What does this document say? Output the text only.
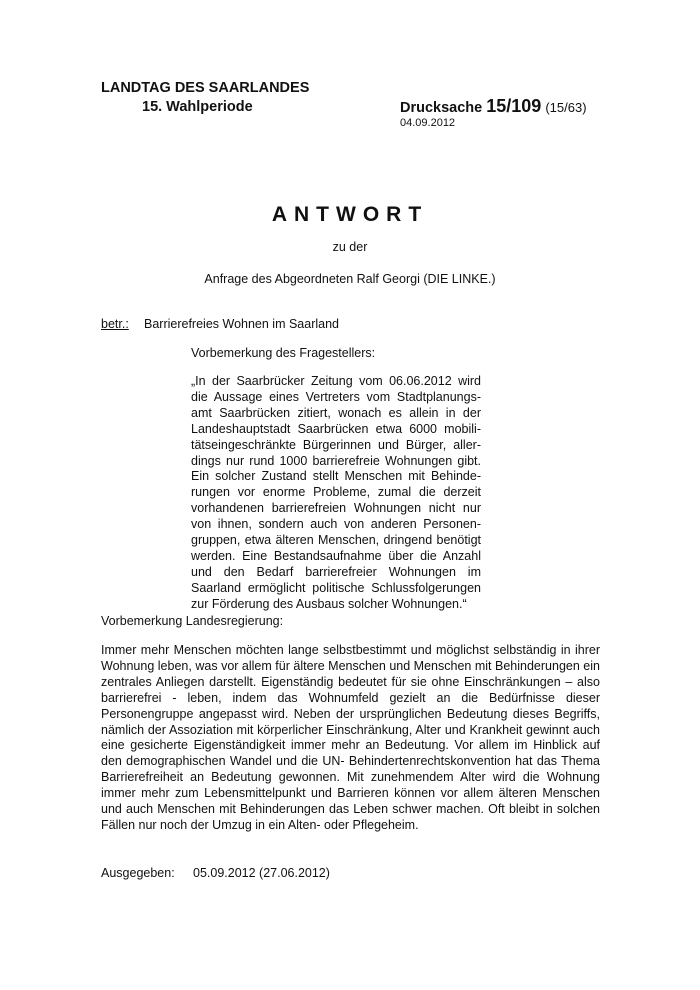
LANDTAG DES SAARLANDES
15. Wahlperiode	Drucksache 15/109 (15/63)
04.09.2012
ANTWORT
zu der
Anfrage des Abgeordneten Ralf Georgi (DIE LINKE.)
betr.: Barrierefreies Wohnen im Saarland
Vorbemerkung des Fragestellers:
„In der Saarbrücker Zeitung vom 06.06.2012 wird die Aussage eines Vertreters vom Stadtplanungsamt Saarbrücken zitiert, wonach es allein in der Landeshauptstadt Saarbrücken etwa 6000 mobilitätseingeschränkte Bürgerinnen und Bürger, allerdings nur rund 1000 barrierefreie Wohnungen gibt. Ein solcher Zustand stellt Menschen mit Behinderungen vor enorme Probleme, zumal die derzeit vorhandenen barrierefreien Wohnungen nicht nur von ihnen, sondern auch von anderen Personengruppen, etwa älteren Menschen, dringend benötigt werden. Eine Bestandsaufnahme über die Anzahl und den Bedarf barrierefreier Wohnungen im Saarland ermöglicht politische Schlussfolgerungen zur Förderung des Ausbaus solcher Wohnungen.“
Vorbemerkung Landesregierung:
Immer mehr Menschen möchten lange selbstbestimmt und möglichst selbständig in ihrer Wohnung leben, was vor allem für ältere Menschen und Menschen mit Behinderungen ein zentrales Anliegen darstellt. Eigenständig bedeutet für sie ohne Einschränkungen – also barrierefrei - leben, indem das Wohnumfeld gezielt an die Bedürfnisse dieser Personengruppe angepasst wird. Neben der ursprünglichen Bedeutung dieses Begriffs, nämlich der Assoziation mit körperlicher Einschränkung, Alter und Krankheit gewinnt auch eine gesicherte Eigenständigkeit immer mehr an Bedeutung. Vor allem im Hinblick auf den demographischen Wandel und die UN- Behindertenrechtskonvention hat das Thema Barrierefreiheit an Bedeutung gewonnen. Mit zunehmendem Alter wird die Wohnung immer mehr zum Lebensmittelpunkt und Barrieren können vor allem älteren Menschen und auch Menschen mit Behinderungen das Leben schwer machen. Oft bleibt in solchen Fällen nur noch der Umzug in ein Alten- oder Pflegeheim.
Ausgegeben: 05.09.2012 (27.06.2012)
